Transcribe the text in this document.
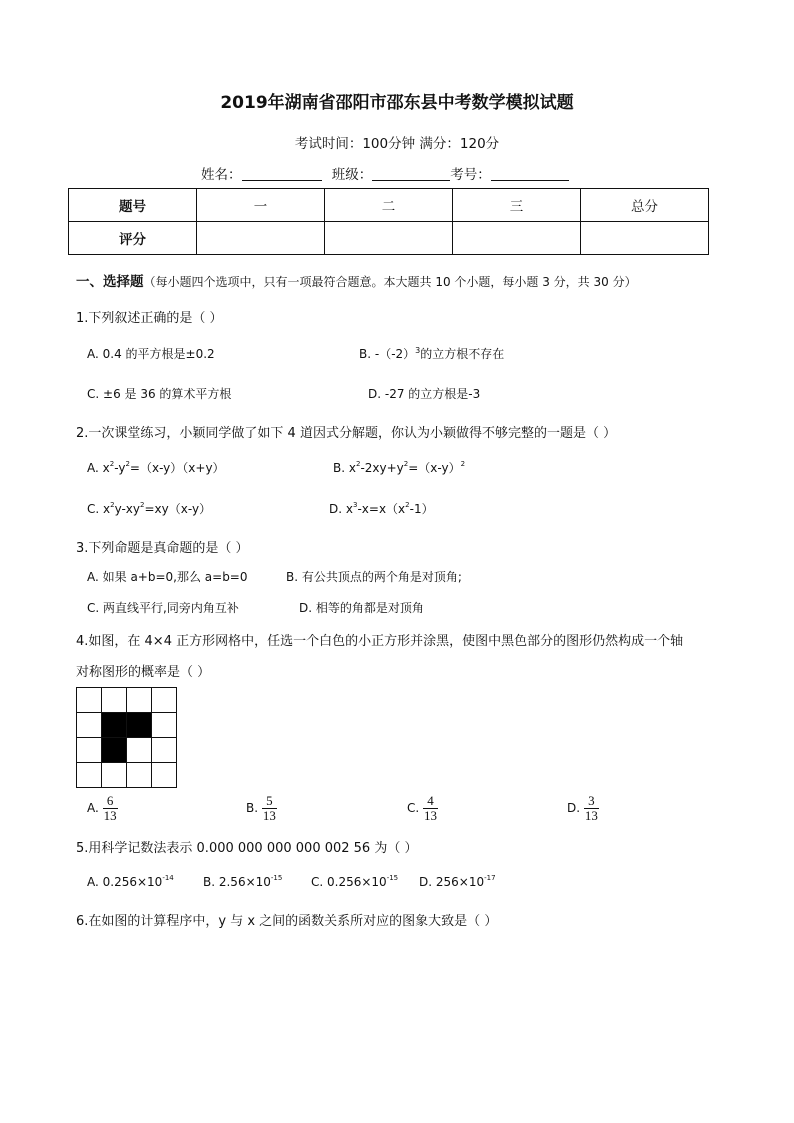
2019年湖南省邵阳市邵东县中考数学模拟试题
考试时间：100分钟 满分：120分
姓名：	班级：	考号：
题号	一	二	三	总分
评分				
一、选择题（每小题四个选项中，只有一项最符合题意。本大题共 10 个小题，每小题 3 分，共 30 分）
1.下列叙述正确的是（ ）
A. 0.4 的平方根是±0.2	B. $-(-2)^3$的立方根不存在
C. ±6 是 36 的算术平方根	D. -27 的立方根是-3
2.一次课堂练习，小颖同学做了如下 4 道因式分解题，你认为小颖做得不够完整的一题是（ ）
A. $x^2-y^2=(x-y)(x+y)$	B. $x^2-2xy+y^2=(x-y)^2$
C. $x^2y-xy^2=xy(x-y)$	D. $x^3-x=x(x^2-1)$
3.下列命题是真命题的是（ ）
A. 如果 a+b=0,那么 a=b=0	B. 有公共顶点的两个角是对顶角;
C. 两直线平行,同旁内角互补	D. 相等的角都是对顶角
4.如图，在 4×4 正方形网格中，任选一个白色的小正方形并涂黑，使图中黑色部分的图形仍然构成一个轴
对称图形的概率是（ ）
A. $\frac{6}{13}$	B. $\frac{5}{13}$	C. $\frac{4}{13}$	D. $\frac{3}{13}$
5.用科学记数法表示 0.000 000 000 000 002 56 为（ ）
A. $0.256\times 10^{-14}$ B. $2.56\times 10^{-15}$ C. $0.256\times 10^{-15}$ D. $256\times 10^{-17}$
6.在如图的计算程序中，y 与 x 之间的函数关系所对应的图象大致是（ ）
